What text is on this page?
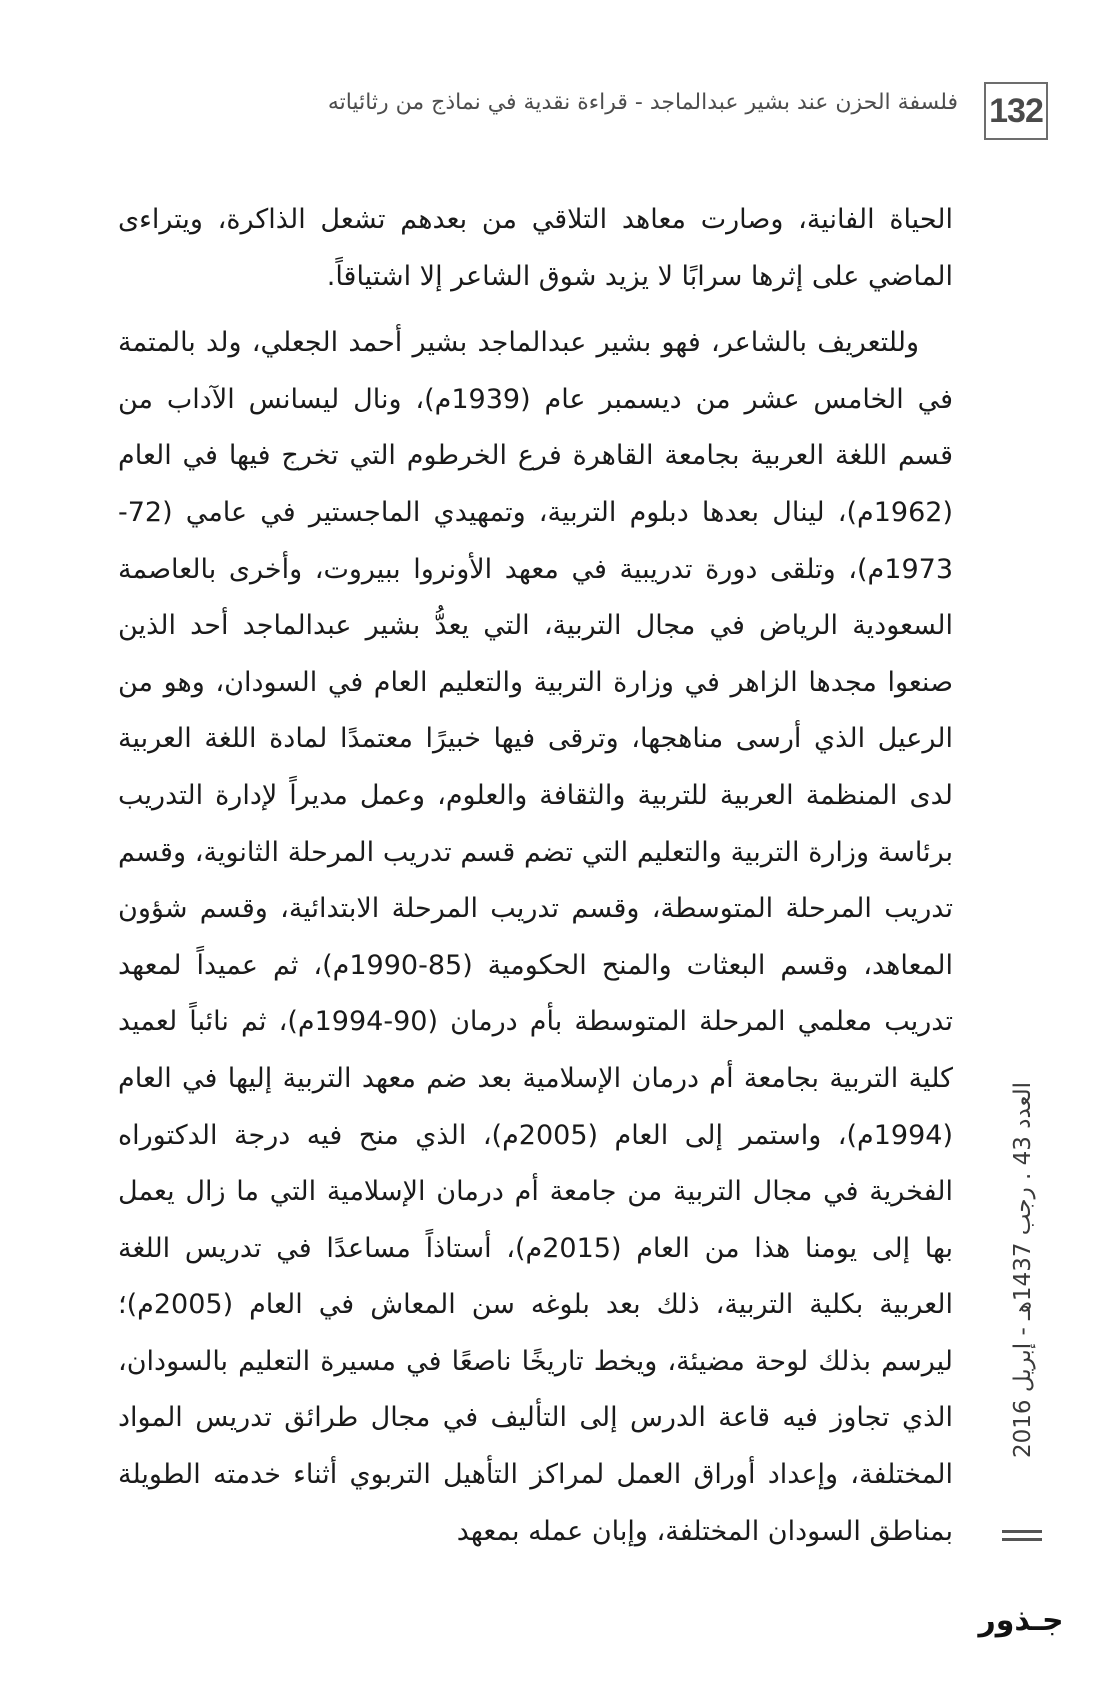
132
فلسفة الحزن عند بشير عبدالماجد - قراءة نقدية في نماذج من رثائياته

الحياة الفانية، وصارت معاهد التلاقي من بعدهم تشعل الذاكرة، ويتراءى الماضي على إثرها سرابًا لا يزيد شوق الشاعر إلا اشتياقاً.

وللتعريف بالشاعر، فهو بشير عبدالماجد بشير أحمد الجعلي، ولد بالمتمة في الخامس عشر من ديسمبر عام (1939م)، ونال ليسانس الآداب من قسم اللغة العربية بجامعة القاهرة فرع الخرطوم التي تخرج فيها في العام (1962م)، لينال بعدها دبلوم التربية، وتمهيدي الماجستير في عامي (72-1973م)، وتلقى دورة تدريبية في معهد الأونروا ببيروت، وأخرى بالعاصمة السعودية الرياض في مجال التربية، التي يعدُّ بشير عبدالماجد أحد الذين صنعوا مجدها الزاهر في وزارة التربية والتعليم العام في السودان، وهو من الرعيل الذي أرسى مناهجها، وترقى فيها خبيرًا معتمدًا لمادة اللغة العربية لدى المنظمة العربية للتربية والثقافة والعلوم، وعمل مديراً لإدارة التدريب برئاسة وزارة التربية والتعليم التي تضم قسم تدريب المرحلة الثانوية، وقسم تدريب المرحلة المتوسطة، وقسم تدريب المرحلة الابتدائية، وقسم شؤون المعاهد، وقسم البعثات والمنح الحكومية (85-1990م)، ثم عميداً لمعهد تدريب معلمي المرحلة المتوسطة بأم درمان (90-1994م)، ثم نائباً لعميد كلية التربية بجامعة أم درمان الإسلامية بعد ضم معهد التربية إليها في العام (1994م)، واستمر إلى العام (2005م)، الذي منح فيه درجة الدكتوراه الفخرية في مجال التربية من جامعة أم درمان الإسلامية التي ما زال يعمل بها إلى يومنا هذا من العام (2015م)، أستاذاً مساعدًا في تدريس اللغة العربية بكلية التربية، ذلك بعد بلوغه سن المعاش في العام (2005م)؛ ليرسم بذلك لوحة مضيئة، ويخط تاريخًا ناصعًا في مسيرة التعليم بالسودان، الذي تجاوز فيه قاعة الدرس إلى التأليف في مجال طرائق تدريس المواد المختلفة، وإعداد أوراق العمل لمراكز التأهيل التربوي أثناء خدمته الطويلة بمناطق السودان المختلفة، وإبان عمله بمعهد

العدد 43 . رجب 1437هـ - إبريل 2016
جـذور
